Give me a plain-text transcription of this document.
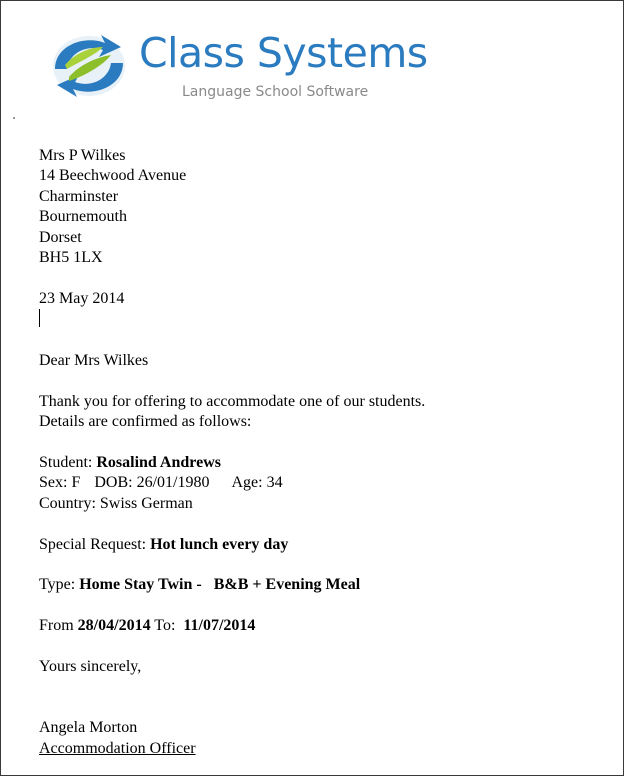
Class Systems
Language School Software
Mrs P Wilkes
14 Beechwood Avenue
Charminster
Bournemouth
Dorset
BH5 1LX
23 May 2014
Dear Mrs Wilkes
Thank you for offering to accommodate one of our students.
Details are confirmed as follows:
Student: Rosalind Andrews
Sex: F DOB: 26/01/1980 Age: 34
Country: Swiss German
Special Request: Hot lunch every day
Type: Home Stay Twin - B&B + Evening Meal
From 28/04/2014 To: 11/07/2014
Yours sincerely,
Angela Morton
Accommodation Officer
